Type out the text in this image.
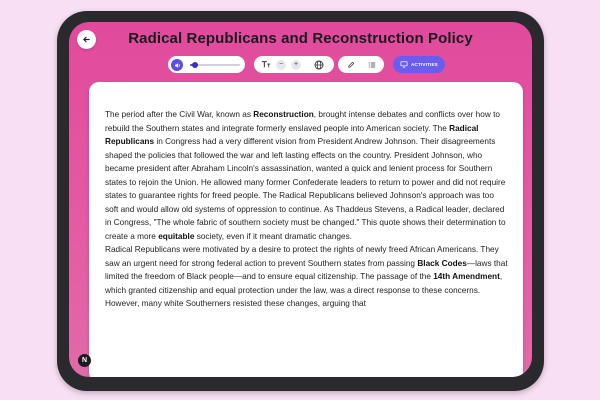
Radical Republicans and Reconstruction Policy
−	+	ACTIVITIES
N

The period after the Civil War, known as Reconstruction, brought intense debates and conflicts over how to rebuild the Southern states and integrate formerly enslaved people into American society. The Radical Republicans in Congress had a very different vision from President Andrew Johnson. Their disagreements shaped the policies that followed the war and left lasting effects on the country. President Johnson, who became president after Abraham Lincoln's assassination, wanted a quick and lenient process for Southern states to rejoin the Union. He allowed many former Confederate leaders to return to power and did not require states to guarantee rights for freed people. The Radical Republicans believed Johnson's approach was too soft and would allow old systems of oppression to continue. As Thaddeus Stevens, a Radical leader, declared in Congress, "The whole fabric of southern society must be changed." This quote shows their determination to create a more equitable society, even if it meant dramatic changes.

Radical Republicans were motivated by a desire to protect the rights of newly freed African Americans. They saw an urgent need for strong federal action to prevent Southern states from passing Black Codes—laws that limited the freedom of Black people—and to ensure equal citizenship. The passage of the 14th Amendment, which granted citizenship and equal protection under the law, was a direct response to these concerns. However, many white Southerners resisted these changes, arguing that
